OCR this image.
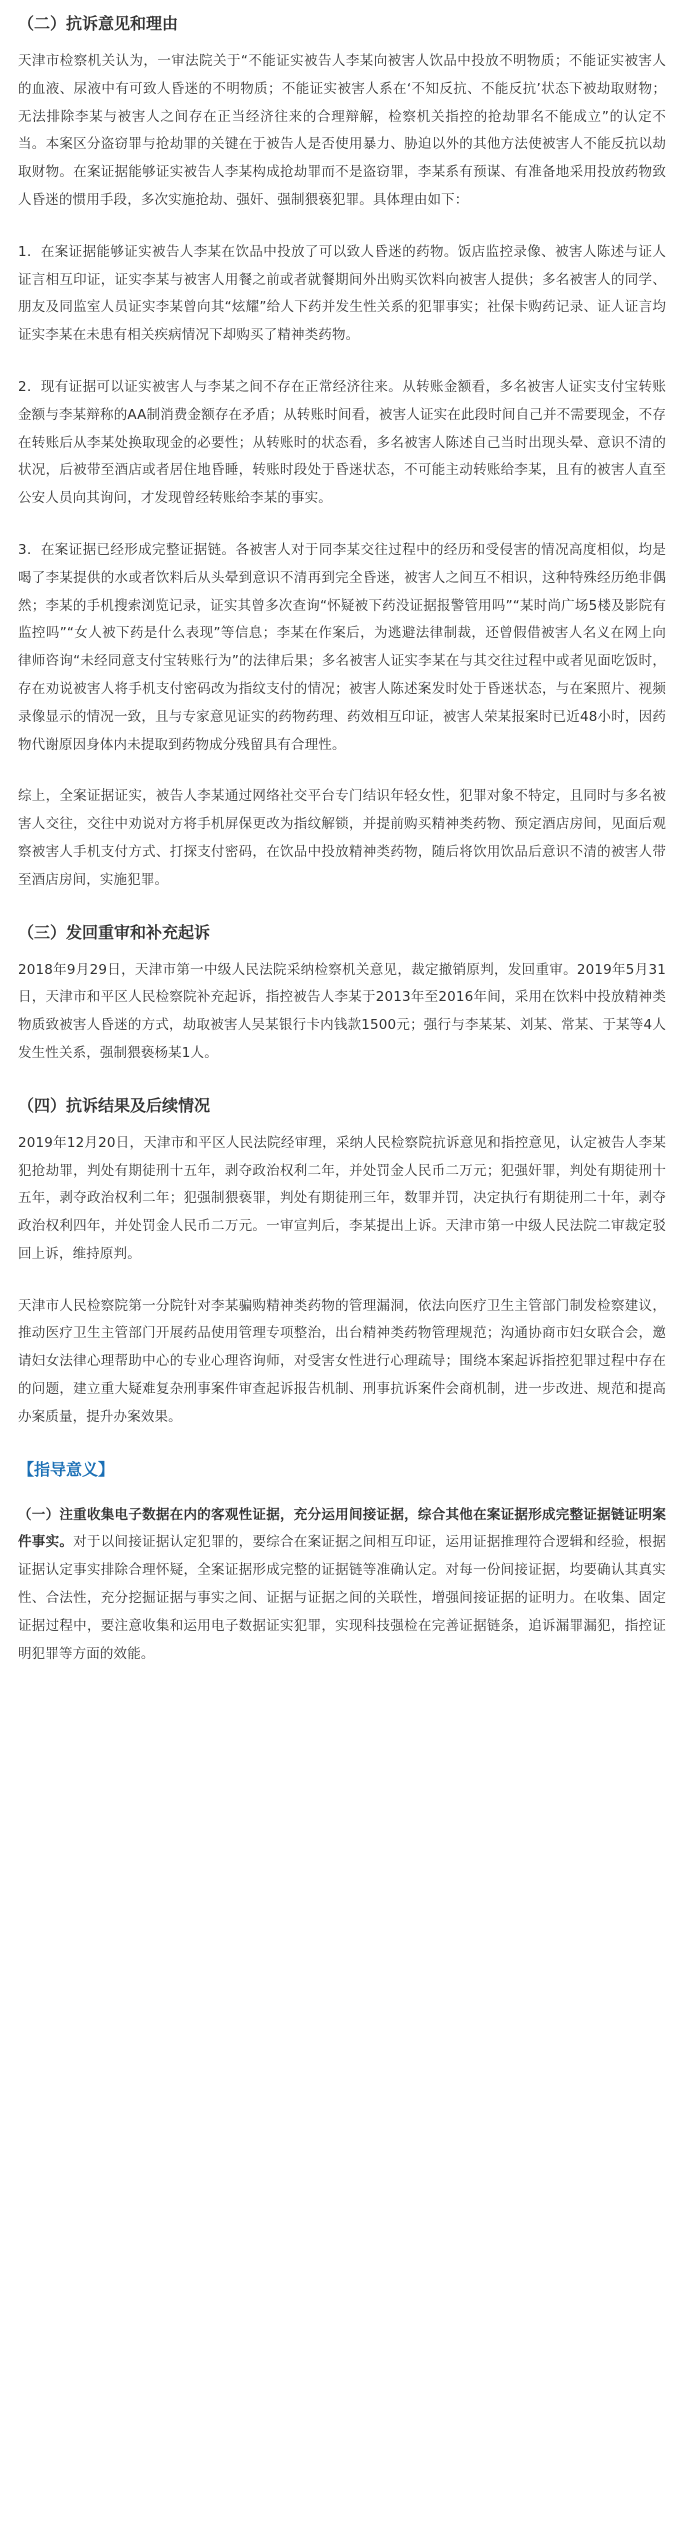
（二）抗诉意见和理由

天津市检察机关认为，一审法院关于“不能证实被告人李某向被害人饮品中投放不明物质；不能证实被害人的血液、尿液中有可致人昏迷的不明物质；不能证实被害人系在‘不知反抗、不能反抗’状态下被劫取财物；无法排除李某与被害人之间存在正当经济往来的合理辩解，检察机关指控的抢劫罪名不能成立”的认定不当。本案区分盗窃罪与抢劫罪的关键在于被告人是否使用暴力、胁迫以外的其他方法使被害人不能反抗以劫取财物。在案证据能够证实被告人李某构成抢劫罪而不是盗窃罪，李某系有预谋、有准备地采用投放药物致人昏迷的惯用手段，多次实施抢劫、强奸、强制猥亵犯罪。具体理由如下：

1．在案证据能够证实被告人李某在饮品中投放了可以致人昏迷的药物。饭店监控录像、被害人陈述与证人证言相互印证，证实李某与被害人用餐之前或者就餐期间外出购买饮料向被害人提供；多名被害人的同学、朋友及同监室人员证实李某曾向其“炫耀”给人下药并发生性关系的犯罪事实；社保卡购药记录、证人证言均证实李某在未患有相关疾病情况下却购买了精神类药物。

2．现有证据可以证实被害人与李某之间不存在正常经济往来。从转账金额看，多名被害人证实支付宝转账金额与李某辩称的AA制消费金额存在矛盾；从转账时间看，被害人证实在此段时间自己并不需要现金，不存在转账后从李某处换取现金的必要性；从转账时的状态看，多名被害人陈述自己当时出现头晕、意识不清的状况，后被带至酒店或者居住地昏睡，转账时段处于昏迷状态，不可能主动转账给李某，且有的被害人直至公安人员向其询问，才发现曾经转账给李某的事实。

3．在案证据已经形成完整证据链。各被害人对于同李某交往过程中的经历和受侵害的情况高度相似，均是喝了李某提供的水或者饮料后从头晕到意识不清再到完全昏迷，被害人之间互不相识，这种特殊经历绝非偶然；李某的手机搜索浏览记录，证实其曾多次查询“怀疑被下药没证据报警管用吗”“某时尚广场5楼及影院有监控吗”“女人被下药是什么表现”等信息；李某在作案后，为逃避法律制裁，还曾假借被害人名义在网上向律师咨询“未经同意支付宝转账行为”的法律后果；多名被害人证实李某在与其交往过程中或者见面吃饭时，存在劝说被害人将手机支付密码改为指纹支付的情况；被害人陈述案发时处于昏迷状态，与在案照片、视频录像显示的情况一致，且与专家意见证实的药物药理、药效相互印证，被害人荣某报案时已近48小时，因药物代谢原因身体内未提取到药物成分残留具有合理性。

综上，全案证据证实，被告人李某通过网络社交平台专门结识年轻女性，犯罪对象不特定，且同时与多名被害人交往，交往中劝说对方将手机屏保更改为指纹解锁，并提前购买精神类药物、预定酒店房间，见面后观察被害人手机支付方式、打探支付密码，在饮品中投放精神类药物，随后将饮用饮品后意识不清的被害人带至酒店房间，实施犯罪。

（三）发回重审和补充起诉

2018年9月29日，天津市第一中级人民法院采纳检察机关意见，裁定撤销原判，发回重审。2019年5月31日，天津市和平区人民检察院补充起诉，指控被告人李某于2013年至2016年间，采用在饮料中投放精神类物质致被害人昏迷的方式，劫取被害人吴某银行卡内钱款1500元；强行与李某某、刘某、常某、于某等4人发生性关系，强制猥亵杨某1人。

（四）抗诉结果及后续情况

2019年12月20日，天津市和平区人民法院经审理，采纳人民检察院抗诉意见和指控意见，认定被告人李某犯抢劫罪，判处有期徒刑十五年，剥夺政治权利二年，并处罚金人民币二万元；犯强奸罪，判处有期徒刑十五年，剥夺政治权利二年；犯强制猥亵罪，判处有期徒刑三年，数罪并罚，决定执行有期徒刑二十年，剥夺政治权利四年，并处罚金人民币二万元。一审宣判后，李某提出上诉。天津市第一中级人民法院二审裁定驳回上诉，维持原判。

天津市人民检察院第一分院针对李某骗购精神类药物的管理漏洞，依法向医疗卫生主管部门制发检察建议，推动医疗卫生主管部门开展药品使用管理专项整治，出台精神类药物管理规范；沟通协商市妇女联合会，邀请妇女法律心理帮助中心的专业心理咨询师，对受害女性进行心理疏导；围绕本案起诉指控犯罪过程中存在的问题，建立重大疑难复杂刑事案件审查起诉报告机制、刑事抗诉案件会商机制，进一步改进、规范和提高办案质量，提升办案效果。

【指导意义】

（一）注重收集电子数据在内的客观性证据，充分运用间接证据，综合其他在案证据形成完整证据链证明案件事实。对于以间接证据认定犯罪的，要综合在案证据之间相互印证，运用证据推理符合逻辑和经验，根据证据认定事实排除合理怀疑，全案证据形成完整的证据链等准确认定。对每一份间接证据，均要确认其真实性、合法性，充分挖掘证据与事实之间、证据与证据之间的关联性，增强间接证据的证明力。在收集、固定证据过程中，要注意收集和运用电子数据证实犯罪，实现科技强检在完善证据链条，追诉漏罪漏犯，指控证明犯罪等方面的效能。
